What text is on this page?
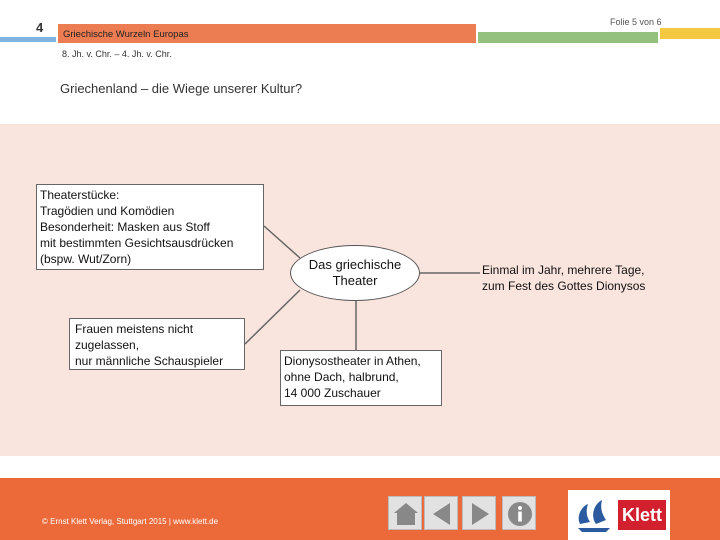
4 Griechische Wurzeln Europas
Folie 5 von 6
8. Jh. v. Chr. – 4. Jh. v. Chr.
Griechenland – die Wiege unserer Kultur?
Theaterstücke:
Tragödien und Komödien
Besonderheit: Masken aus Stoff
mit bestimmten Gesichtsausdrücken
(bspw. Wut/Zorn)
Frauen meistens nicht
zugelassen,
nur männliche Schauspieler	Dionysostheater in Athen,
ohne Dach, halbrund,
14 000 Zuschauer
Das griechische
Theater
Einmal im Jahr, mehrere Tage,
zum Fest des Gottes Dionysos
© Ernst Klett Verlag, Stuttgart 2015 | www.klett.de	Klett
